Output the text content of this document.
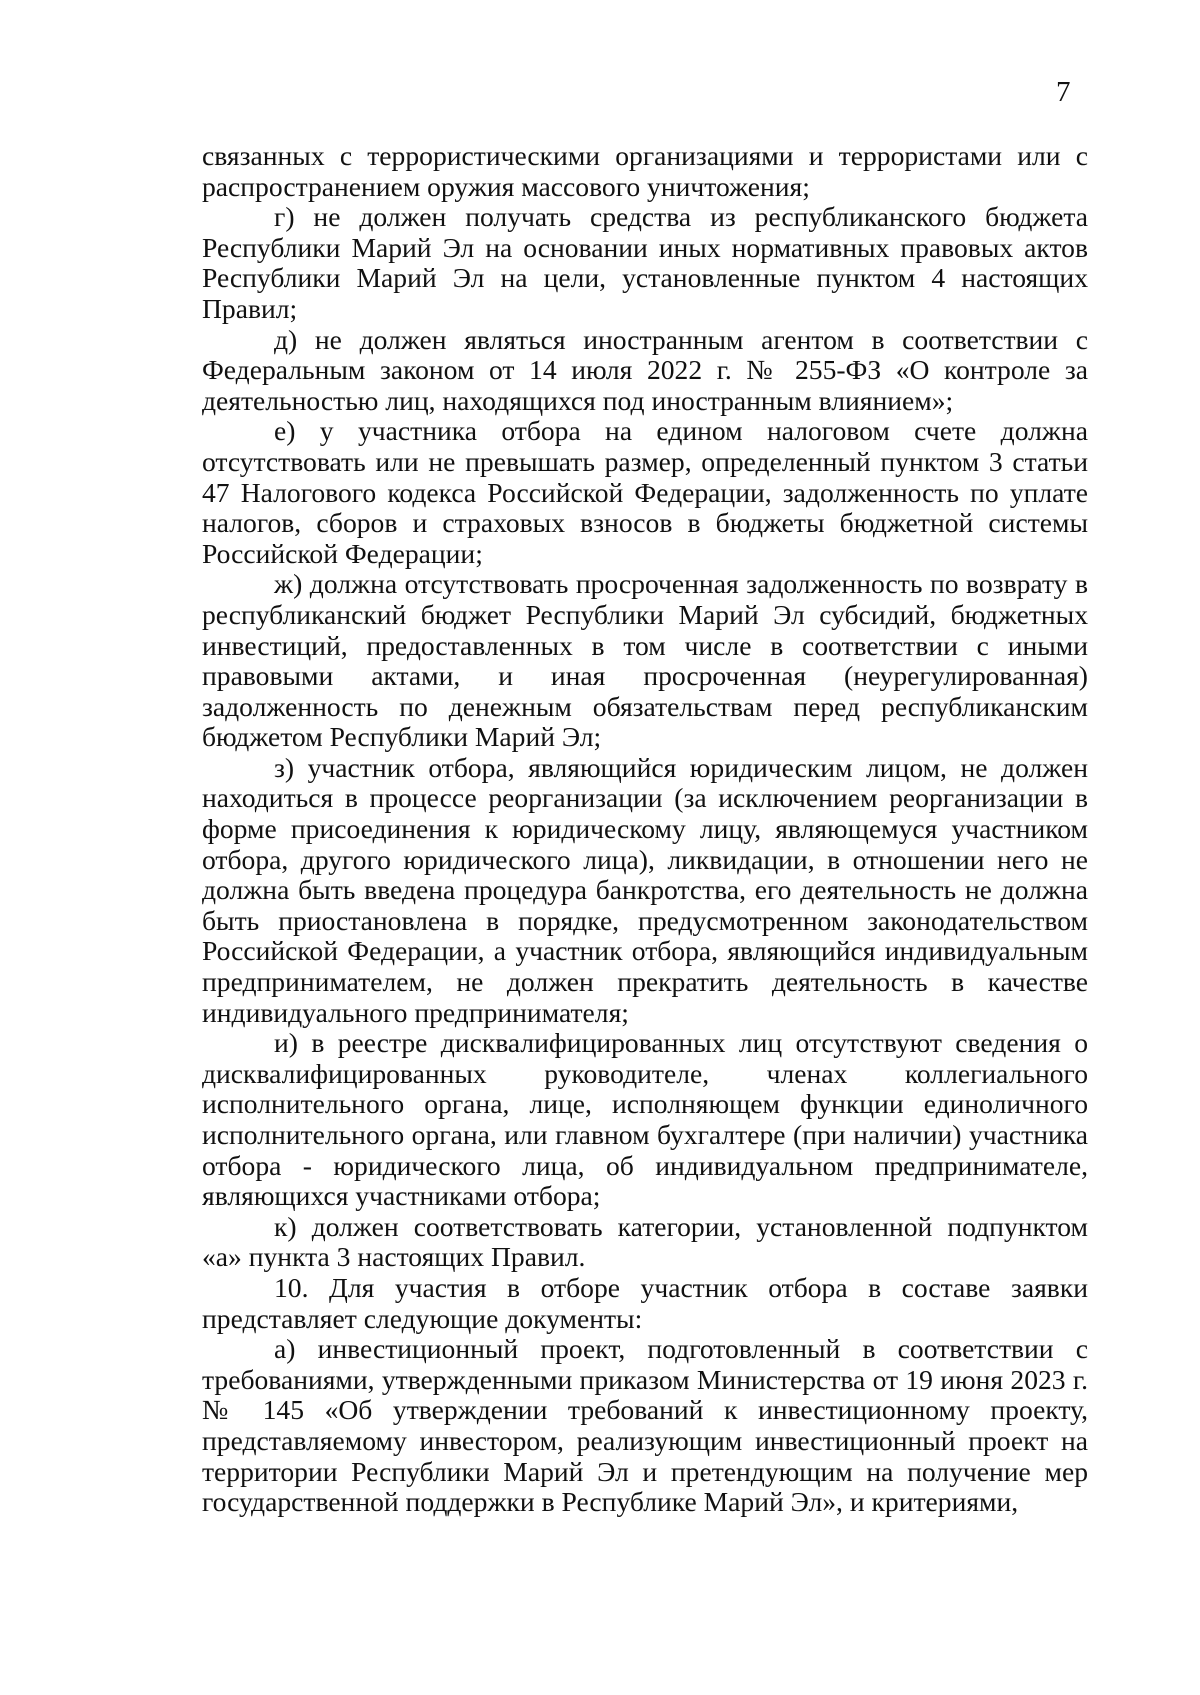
7

связанных с террористическими организациями и террористами или с распространением оружия массового уничтожения;

г) не должен получать средства из республиканского бюджета Республики Марий Эл на основании иных нормативных правовых актов Республики Марий Эл на цели, установленные пунктом 4 настоящих Правил;

д) не должен являться иностранным агентом в соответствии с Федеральным законом от 14 июля 2022 г. № 255-ФЗ «О контроле за деятельностью лиц, находящихся под иностранным влиянием»;

е) у участника отбора на едином налоговом счете должна отсутствовать или не превышать размер, определенный пунктом 3 статьи 47 Налогового кодекса Российской Федерации, задолженность по уплате налогов, сборов и страховых взносов в бюджеты бюджетной системы Российской Федерации;

ж) должна отсутствовать просроченная задолженность по возврату в республиканский бюджет Республики Марий Эл субсидий, бюджетных инвестиций, предоставленных в том числе в соответствии с иными правовыми актами, и иная просроченная (неурегулированная) задолженность по денежным обязательствам перед республиканским бюджетом Республики Марий Эл;

з) участник отбора, являющийся юридическим лицом, не должен находиться в процессе реорганизации (за исключением реорганизации в форме присоединения к юридическому лицу, являющемуся участником отбора, другого юридического лица), ликвидации, в отношении него не должна быть введена процедура банкротства, его деятельность не должна быть приостановлена в порядке, предусмотренном законодательством Российской Федерации, а участник отбора, являющийся индивидуальным предпринимателем, не должен прекратить деятельность в качестве индивидуального предпринимателя;

и) в реестре дисквалифицированных лиц отсутствуют сведения о дисквалифицированных руководителе, членах коллегиального исполнительного органа, лице, исполняющем функции единоличного исполнительного органа, или главном бухгалтере (при наличии) участника отбора - юридического лица, об индивидуальном предпринимателе, являющихся участниками отбора;

к) должен соответствовать категории, установленной подпунктом «а» пункта 3 настоящих Правил.

10. Для участия в отборе участник отбора в составе заявки представляет следующие документы:

а) инвестиционный проект, подготовленный в соответствии с требованиями, утвержденными приказом Министерства от 19 июня 2023 г. № 145 «Об утверждении требований к инвестиционному проекту, представляемому инвестором, реализующим инвестиционный проект на территории Республики Марий Эл и претендующим на получение мер государственной поддержки в Республике Марий Эл», и критериями,
